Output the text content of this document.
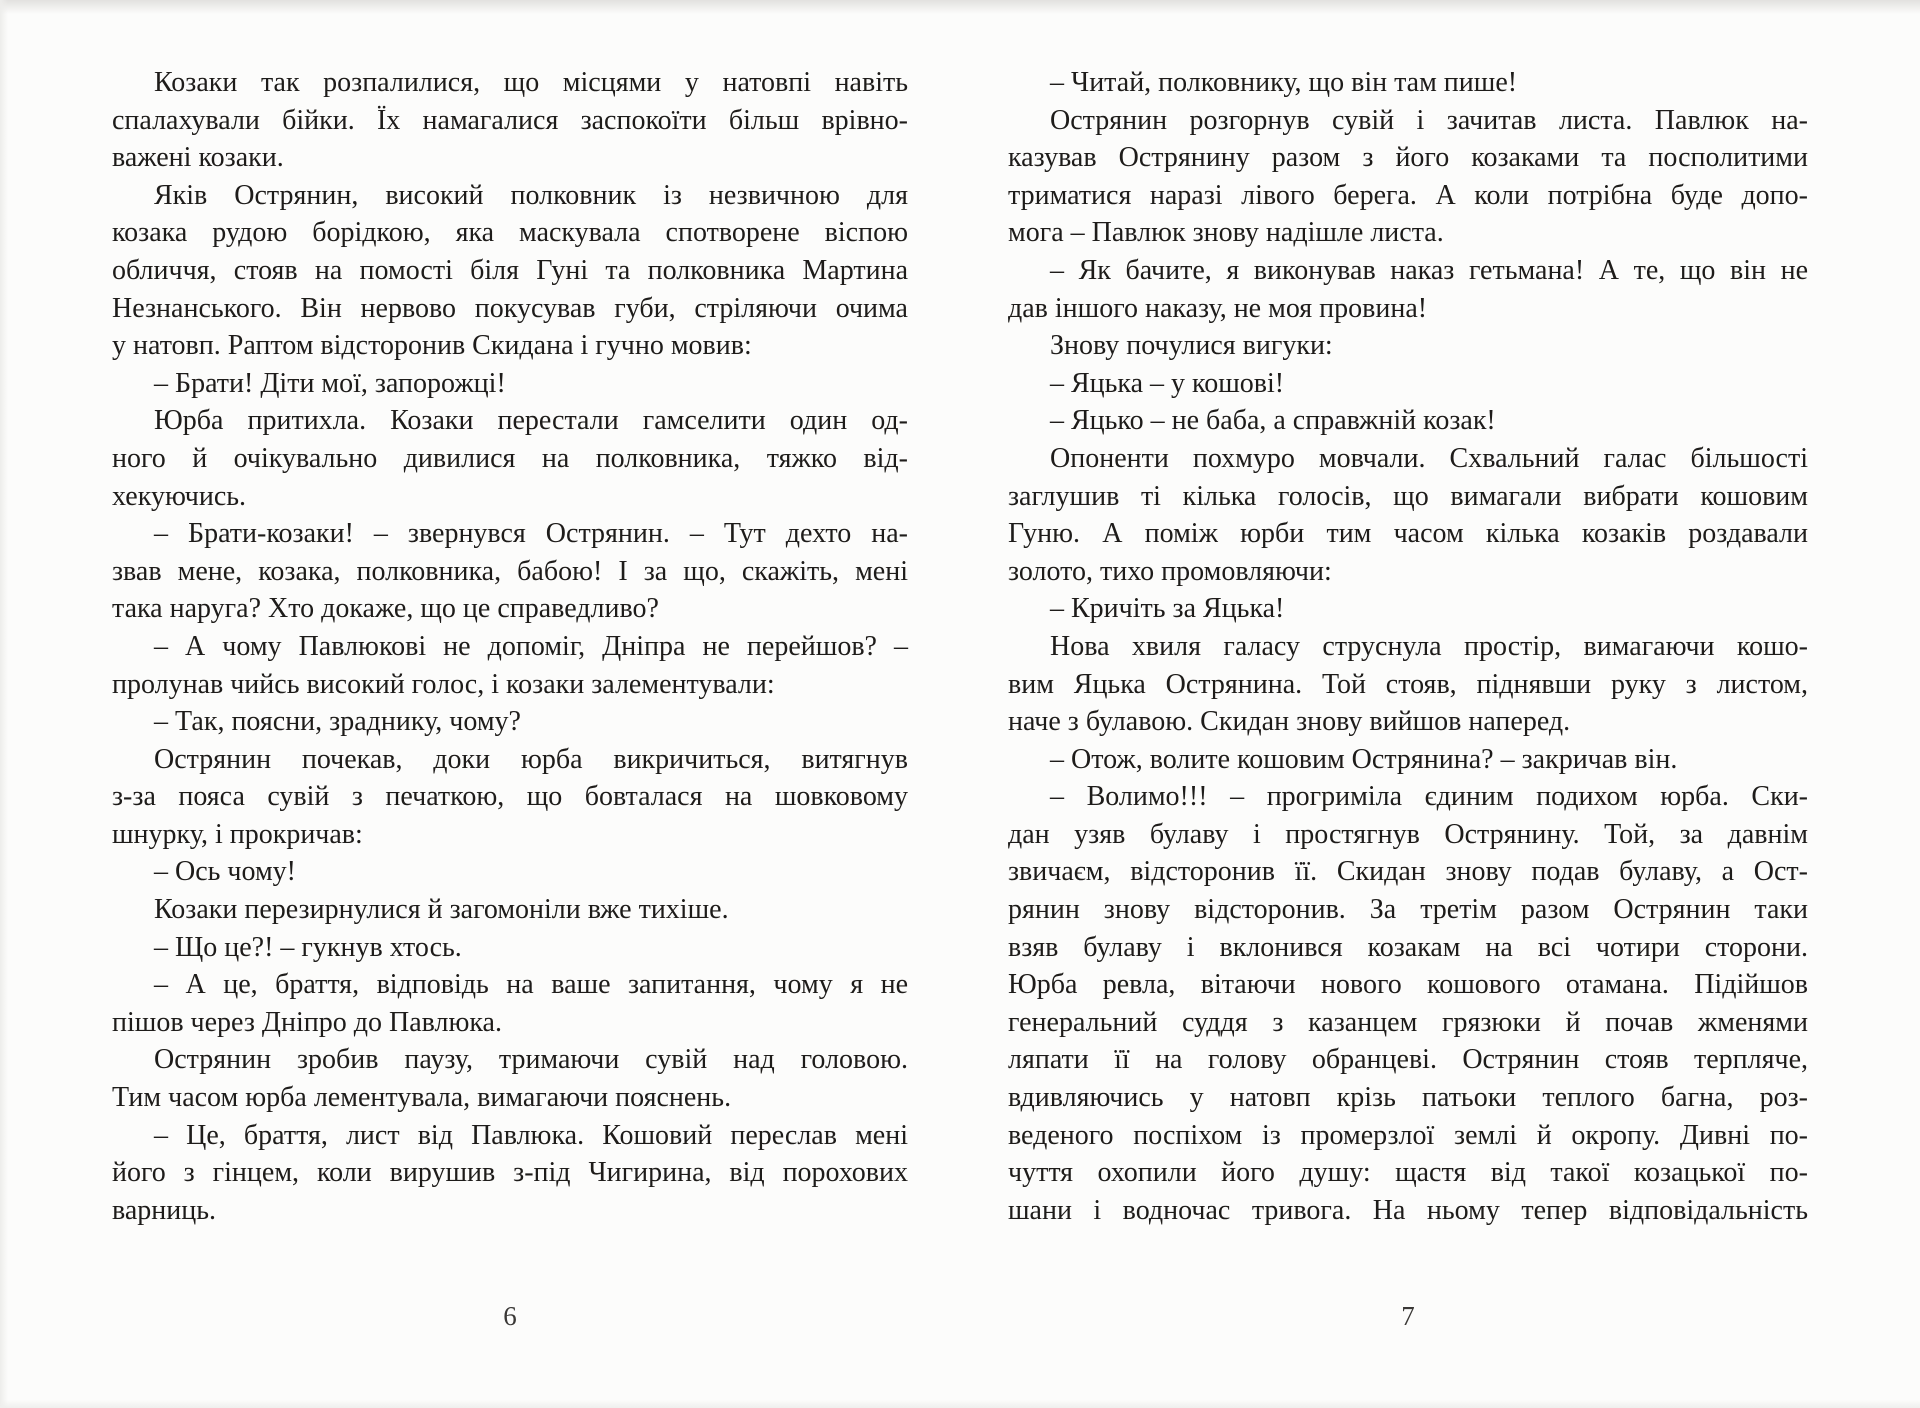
Козаки так розпалилися, що місцями у натовпі навіть
спалахували бійки. Їх намагалися заспокоїти більш врівно-
важені козаки.
Яків Острянин, високий полковник із незвичною для
козака рудою борідкою, яка маскувала спотворене віспою
обличчя, стояв на помості біля Гуні та полковника Мартина
Незнанського. Він нервово покусував губи, стріляючи очима
у натовп. Раптом відсторонив Скидана і гучно мовив:
– Брати! Діти мої, запорожці!
Юрба притихла. Козаки перестали гамселити один од-
ного й очікувально дивилися на полковника, тяжко від-
хекуючись.
– Брати-козаки! – звернувся Острянин. – Тут дехто на-
звав мене, козака, полковника, бабою! І за що, скажіть, мені
така наруга? Хто докаже, що це справедливо?
– А чому Павлюкові не допоміг, Дніпра не перейшов? –
пролунав чийсь високий голос, і козаки залементували:
– Так, поясни, зраднику, чому?
Острянин почекав, доки юрба викричиться, витягнув
з-за пояса сувій з печаткою, що бовталася на шовковому
шнурку, і прокричав:
– Ось чому!
Козаки перезирнулися й загомоніли вже тихіше.
– Що це?! – гукнув хтось.
– А це, браття, відповідь на ваше запитання, чому я не
пішов через Дніпро до Павлюка.
Острянин зробив паузу, тримаючи сувій над головою.
Тим часом юрба лементувала, вимагаючи пояснень.
– Це, браття, лист від Павлюка. Кошовий переслав мені
його з гінцем, коли вирушив з-під Чигирина, від порохових
варниць.
– Читай, полковнику, що він там пише!
Острянин розгорнув сувій і зачитав листа. Павлюк на-
казував Острянину разом з його козаками та посполитими
триматися наразі лівого берега. А коли потрібна буде допо-
мога – Павлюк знову надішле листа.
– Як бачите, я виконував наказ гетьмана! А те, що він не
дав іншого наказу, не моя провина!
Знову почулися вигуки:
– Яцька – у кошові!
– Яцько – не баба, а справжній козак!
Опоненти похмуро мовчали. Схвальний галас більшості
заглушив ті кілька голосів, що вимагали вибрати кошовим
Гуню. А поміж юрби тим часом кілька козаків роздавали
золото, тихо промовляючи:
– Кричіть за Яцька!
Нова хвиля галасу струснула простір, вимагаючи кошо-
вим Яцька Острянина. Той стояв, піднявши руку з листом,
наче з булавою. Скидан знову вийшов наперед.
– Отож, волите кошовим Острянина? – закричав він.
– Волимо!!! – прогриміла єдиним подихом юрба. Ски-
дан узяв булаву і простягнув Острянину. Той, за давнім
звичаєм, відсторонив її. Скидан знову подав булаву, а Ост-
рянин знову відсторонив. За третім разом Острянин таки
взяв булаву і вклонився козакам на всі чотири сторони.
Юрба ревла, вітаючи нового кошового отамана. Підійшов
генеральний суддя з казанцем грязюки й почав жменями
ляпати її на голову обранцеві. Острянин стояв терпляче,
вдивляючись у натовп крізь патьоки теплого багна, роз-
веденого поспіхом із промерзлої землі й окропу. Дивні по-
чуття охопили його душу: щастя від такої козацької по-
шани і водночас тривога. На ньому тепер відповідальність
6	7
